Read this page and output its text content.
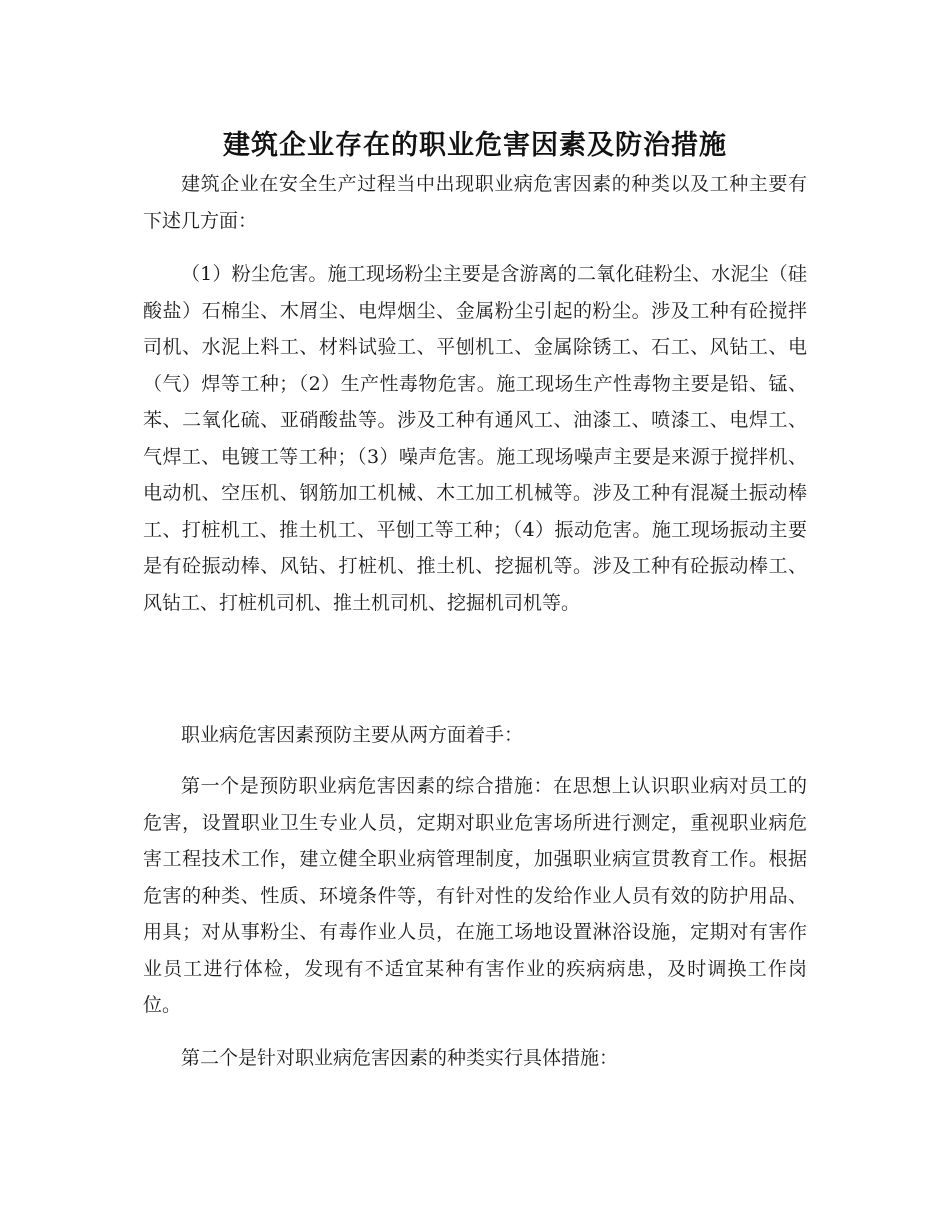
建筑企业存在的职业危害因素及防治措施

建筑企业在安全生产过程当中出现职业病危害因素的种类以及工种主要有下述几方面：

（1）粉尘危害。施工现场粉尘主要是含游离的二氧化硅粉尘、水泥尘（硅酸盐）石棉尘、木屑尘、电焊烟尘、金属粉尘引起的粉尘。涉及工种有砼搅拌司机、水泥上料工、材料试验工、平刨机工、金属除锈工、石工、风钻工、电（气）焊等工种；（2）生产性毒物危害。施工现场生产性毒物主要是铅、锰、苯、二氧化硫、亚硝酸盐等。涉及工种有通风工、油漆工、喷漆工、电焊工、气焊工、电镀工等工种；（3）噪声危害。施工现场噪声主要是来源于搅拌机、电动机、空压机、钢筋加工机械、木工加工机械等。涉及工种有混凝土振动棒工、打桩机工、推土机工、平刨工等工种；（4）振动危害。施工现场振动主要是有砼振动棒、风钻、打桩机、推土机、挖掘机等。涉及工种有砼振动棒工、风钻工、打桩机司机、推土机司机、挖掘机司机等。

职业病危害因素预防主要从两方面着手：

第一个是预防职业病危害因素的综合措施：在思想上认识职业病对员工的危害，设置职业卫生专业人员，定期对职业危害场所进行测定，重视职业病危害工程技术工作，建立健全职业病管理制度，加强职业病宣贯教育工作。根据危害的种类、性质、环境条件等，有针对性的发给作业人员有效的防护用品、用具；对从事粉尘、有毒作业人员，在施工场地设置淋浴设施，定期对有害作业员工进行体检，发现有不适宜某种有害作业的疾病病患，及时调换工作岗位。

第二个是针对职业病危害因素的种类实行具体措施：
